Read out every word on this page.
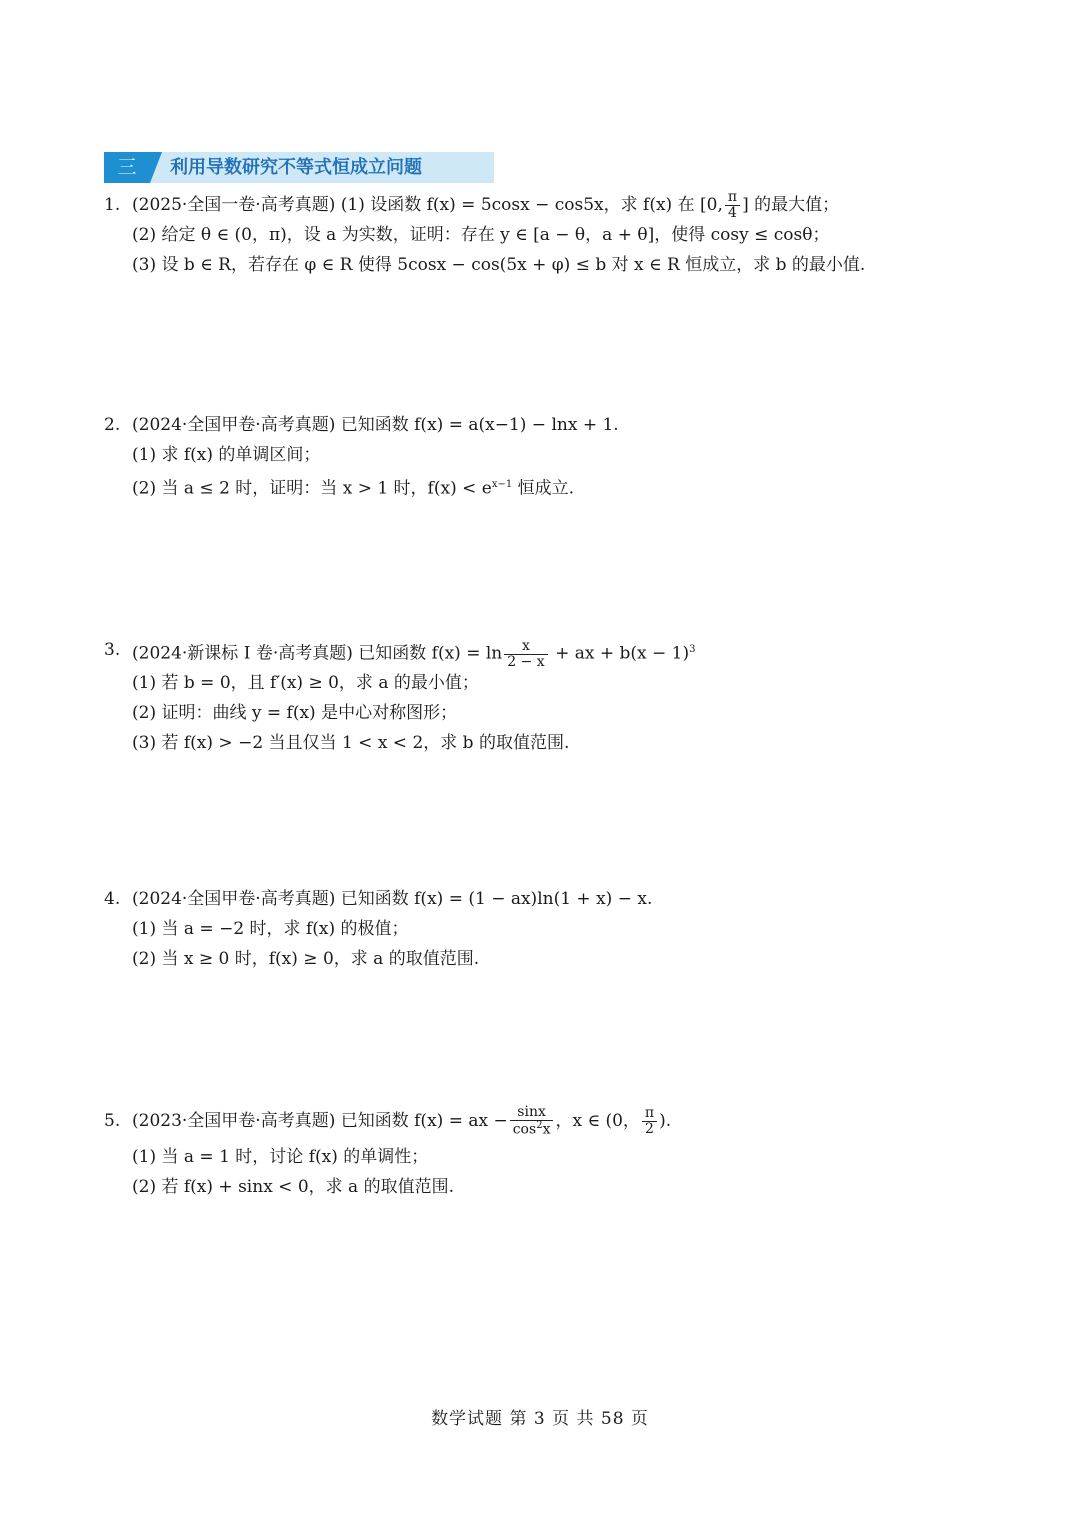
三	利用导数研究不等式恒成立问题
1. (2025·全国一卷·高考真题) (1) 设函数 f(x) = 5cosx − cos5x，求 f(x) 在 [0, $\frac{\pi}{4}$ ] 的最大值；
(2) 给定 θ ∈ (0，π)，设 a 为实数，证明：存在 y ∈ [a − θ，a + θ]，使得 cosy ≤ cosθ；
(3) 设 b ∈ R，若存在 φ ∈ R 使得 5cosx − cos(5x + φ) ≤ b 对 x ∈ R 恒成立，求 b 的最小值.
2. (2024·全国甲卷·高考真题) 已知函数 f(x) = a(x−1) − lnx + 1.
(1) 求 f(x) 的单调区间；
(2) 当 a ≤ 2 时，证明：当 x > 1 时，$f(x) < e^{x-1}$ 恒成立.
3. (2024·新课标 Ⅰ 卷·高考真题) 已知函数 $f(x) = \ln \frac{x}{2 - x}$ + ax + $b(x - 1)^3$
(1) 若 b = 0，且 f′(x) ≥ 0，求 a 的最小值；
(2) 证明：曲线 y = f(x) 是中心对称图形；
(3) 若 f(x) > −2 当且仅当 1 < x < 2，求 b 的取值范围.
4. (2024·全国甲卷·高考真题) 已知函数 f(x) = (1 − ax)ln(1 + x) − x.
(1) 当 a = −2 时，求 f(x) 的极值；
(2) 当 x ≥ 0 时，f(x) ≥ 0，求 a 的取值范围.
5. (2023·全国甲卷·高考真题) 已知函数 f(x) = ax − $\frac{\sin x}{\cos^2x}$ ，x ∈ (0， $\frac{\pi}{2}$ ).
(1) 当 a = 1 时，讨论 f(x) 的单调性；
(2) 若 f(x) + sinx < 0，求 a 的取值范围.
数学试题 第 3 页 共 58 页
